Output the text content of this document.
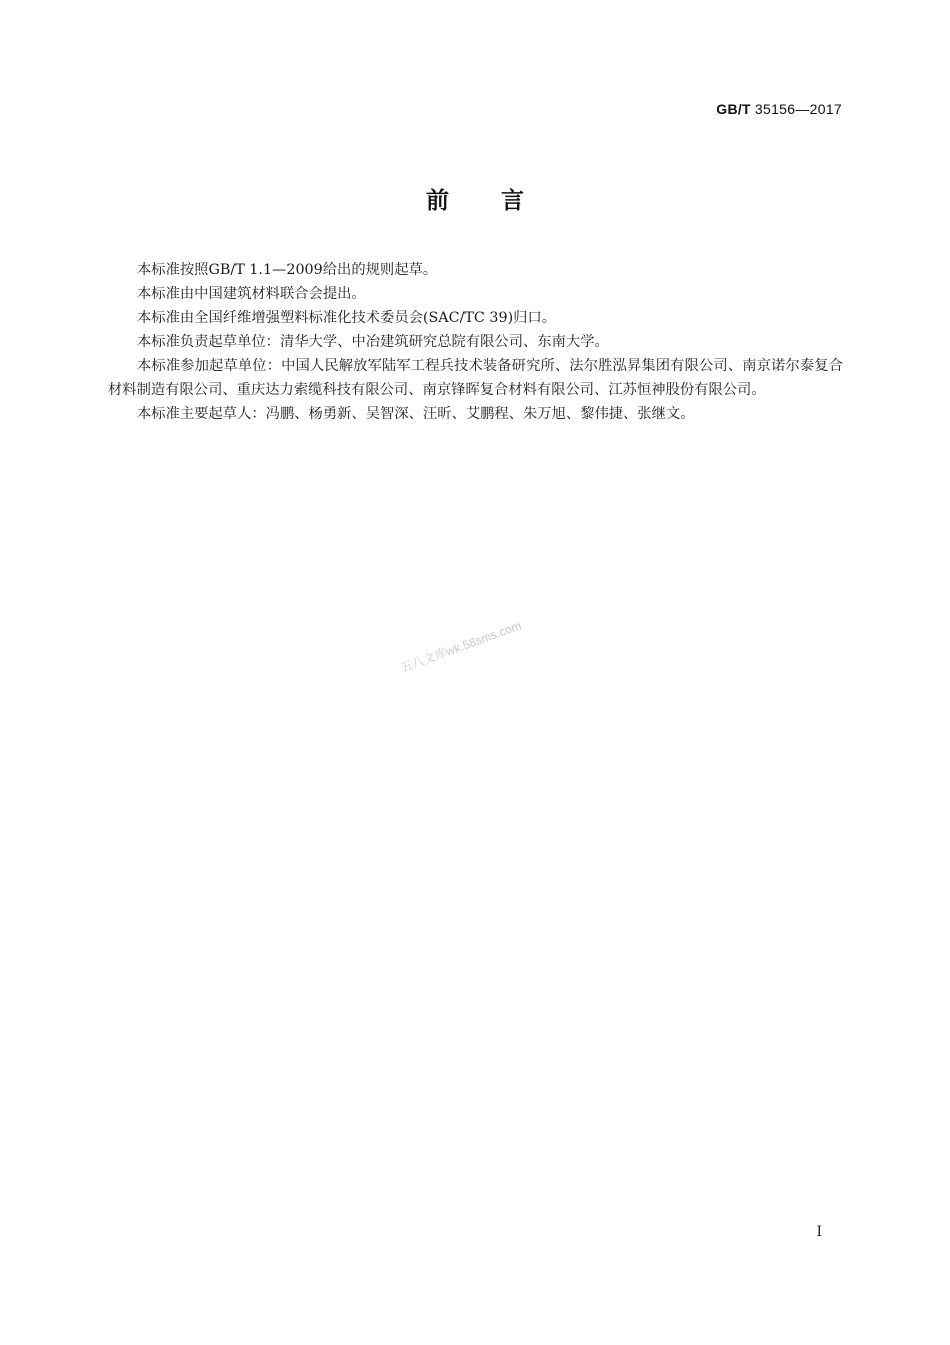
GB/T 35156—2017
前言

本标准按照GB/T 1.1—2009给出的规则起草。

本标准由中国建筑材料联合会提出。

本标准由全国纤维增强塑料标准化技术委员会(SAC/TC 39)归口。

本标准负责起草单位：清华大学、中冶建筑研究总院有限公司、东南大学。

本标准参加起草单位：中国人民解放军陆军工程兵技术装备研究所、法尔胜泓昇集团有限公司、南京诺尔泰复合材料制造有限公司、重庆达力索缆科技有限公司、南京锋晖复合材料有限公司、江苏恒神股份有限公司。

本标准主要起草人：冯鹏、杨勇新、吴智深、汪昕、艾鹏程、朱万旭、黎伟捷、张继文。

五八文库wk.58sms.com
I
